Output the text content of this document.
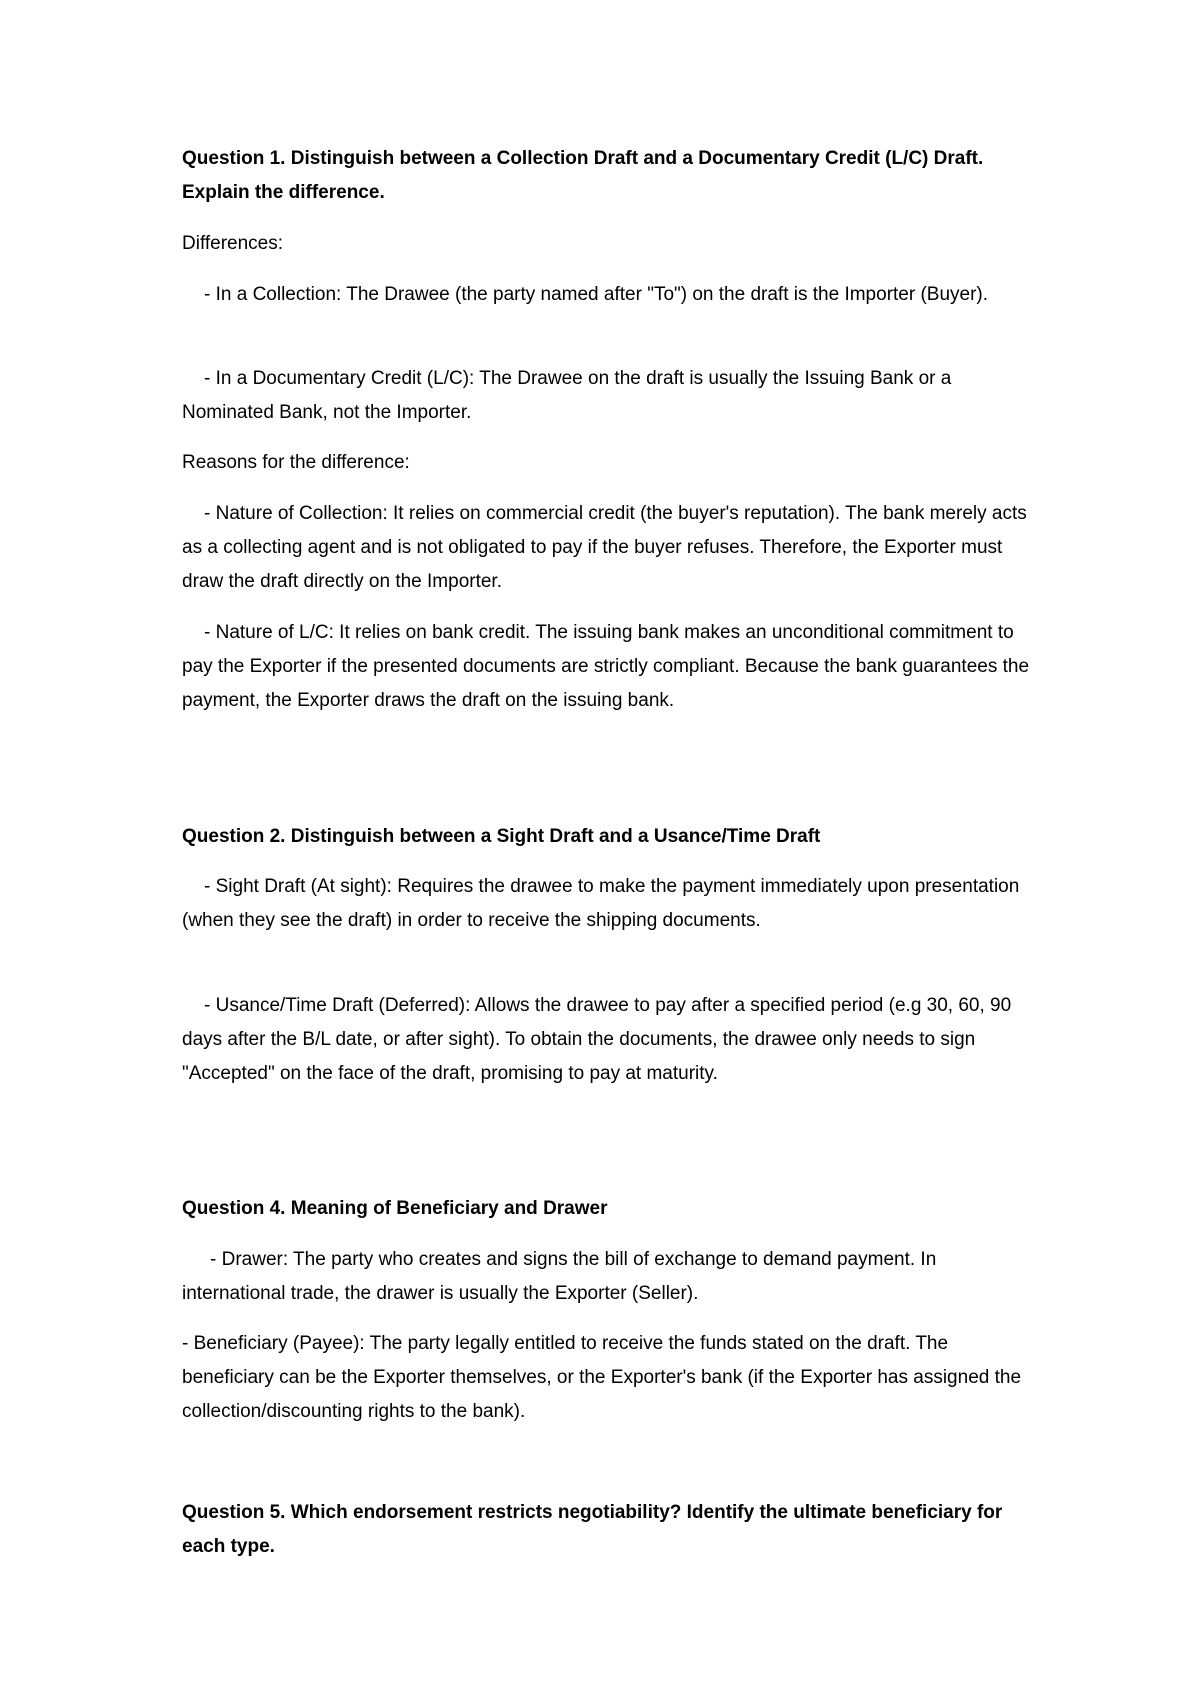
Question 1. Distinguish between a Collection Draft and a Documentary Credit (L/C) Draft. Explain the difference.

Differences:

- In a Collection: The Drawee (the party named after "To") on the draft is the Importer (Buyer).

- In a Documentary Credit (L/C): The Drawee on the draft is usually the Issuing Bank or a Nominated Bank, not the Importer.

Reasons for the difference:

- Nature of Collection: It relies on commercial credit (the buyer's reputation). The bank merely acts as a collecting agent and is not obligated to pay if the buyer refuses. Therefore, the Exporter must draw the draft directly on the Importer.

- Nature of L/C: It relies on bank credit. The issuing bank makes an unconditional commitment to pay the Exporter if the presented documents are strictly compliant. Because the bank guarantees the payment, the Exporter draws the draft on the issuing bank.

Question 2. Distinguish between a Sight Draft and a Usance/Time Draft

- Sight Draft (At sight): Requires the drawee to make the payment immediately upon presentation (when they see the draft) in order to receive the shipping documents.

- Usance/Time Draft (Deferred): Allows the drawee to pay after a specified period (e.g 30, 60, 90 days after the B/L date, or after sight). To obtain the documents, the drawee only needs to sign "Accepted" on the face of the draft, promising to pay at maturity.

Question 4. Meaning of Beneficiary and Drawer

- Drawer: The party who creates and signs the bill of exchange to demand payment. In international trade, the drawer is usually the Exporter (Seller).

- Beneficiary (Payee): The party legally entitled to receive the funds stated on the draft. The beneficiary can be the Exporter themselves, or the Exporter's bank (if the Exporter has assigned the collection/discounting rights to the bank).

Question 5. Which endorsement restricts negotiability? Identify the ultimate beneficiary for each type.
